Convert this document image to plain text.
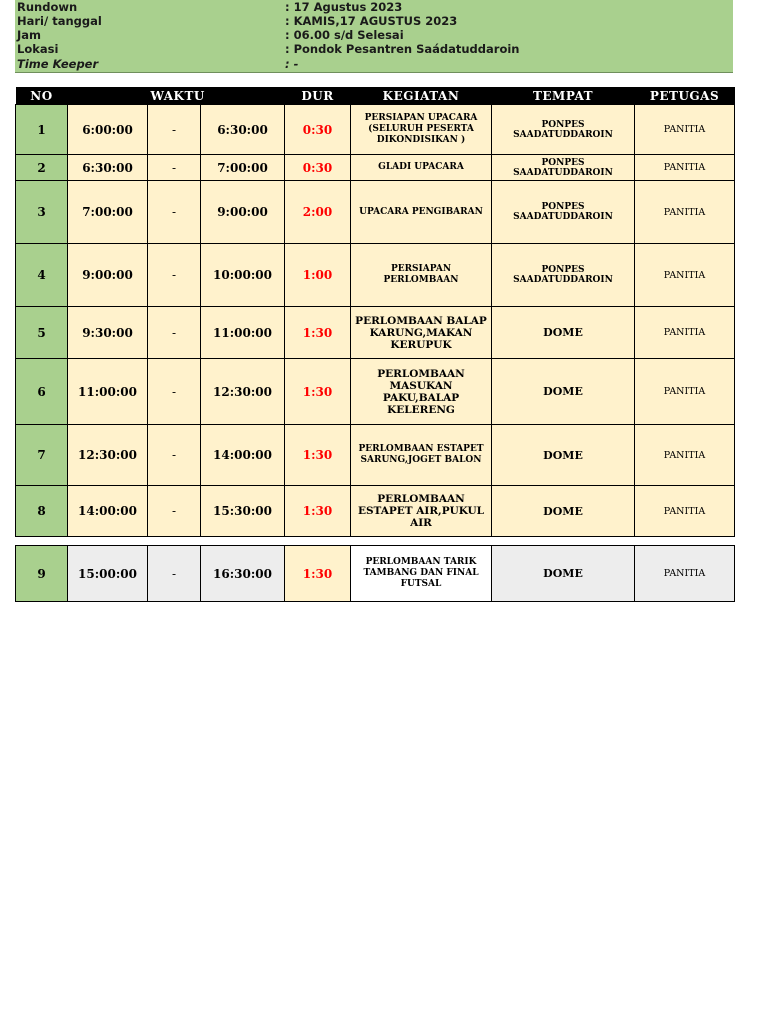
Rundown	: 17 Agustus 2023
Hari/ tanggal	: KAMIS,17 AGUSTUS 2023
Jam	: 06.00 s/d Selesai
Lokasi	: Pondok Pesantren Saádatuddaroin
Time Keeper	: -
NO	WAKTU			DUR	KEGIATAN	TEMPAT	PETUGAS
1	6:00:00	-	6:30:00	0:30	PERSIAPAN UPACARA (SELURUH PESERTA DIKONDISIKAN )	PONPES SAADATUDDAROIN	PANITIA
2	6:30:00	-	7:00:00	0:30	GLADI UPACARA	PONPES SAADATUDDAROIN	PANITIA
3	7:00:00	-	9:00:00	2:00	UPACARA PENGIBARAN	PONPES SAADATUDDAROIN	PANITIA
4	9:00:00	-	10:00:00	1:00	PERSIAPAN PERLOMBAAN	PONPES SAADATUDDAROIN	PANITIA
5	9:30:00	-	11:00:00	1:30	PERLOMBAAN BALAP KARUNG,MAKAN KERUPUK	DOME	PANITIA
6	11:00:00	-	12:30:00	1:30	PERLOMBAAN MASUKAN PAKU,BALAP KELERENG	DOME	PANITIA
7	12:30:00	-	14:00:00	1:30	PERLOMBAAN ESTAPET SARUNG,JOGET BALON	DOME	PANITIA
8	14:00:00	-	15:30:00	1:30	PERLOMBAAN ESTAPET AIR,PUKUL AIR	DOME	PANITIA

9	15:00:00	-	16:30:00	1:30	PERLOMBAAN TARIK TAMBANG DAN FINAL FUTSAL	DOME	PANITIA
